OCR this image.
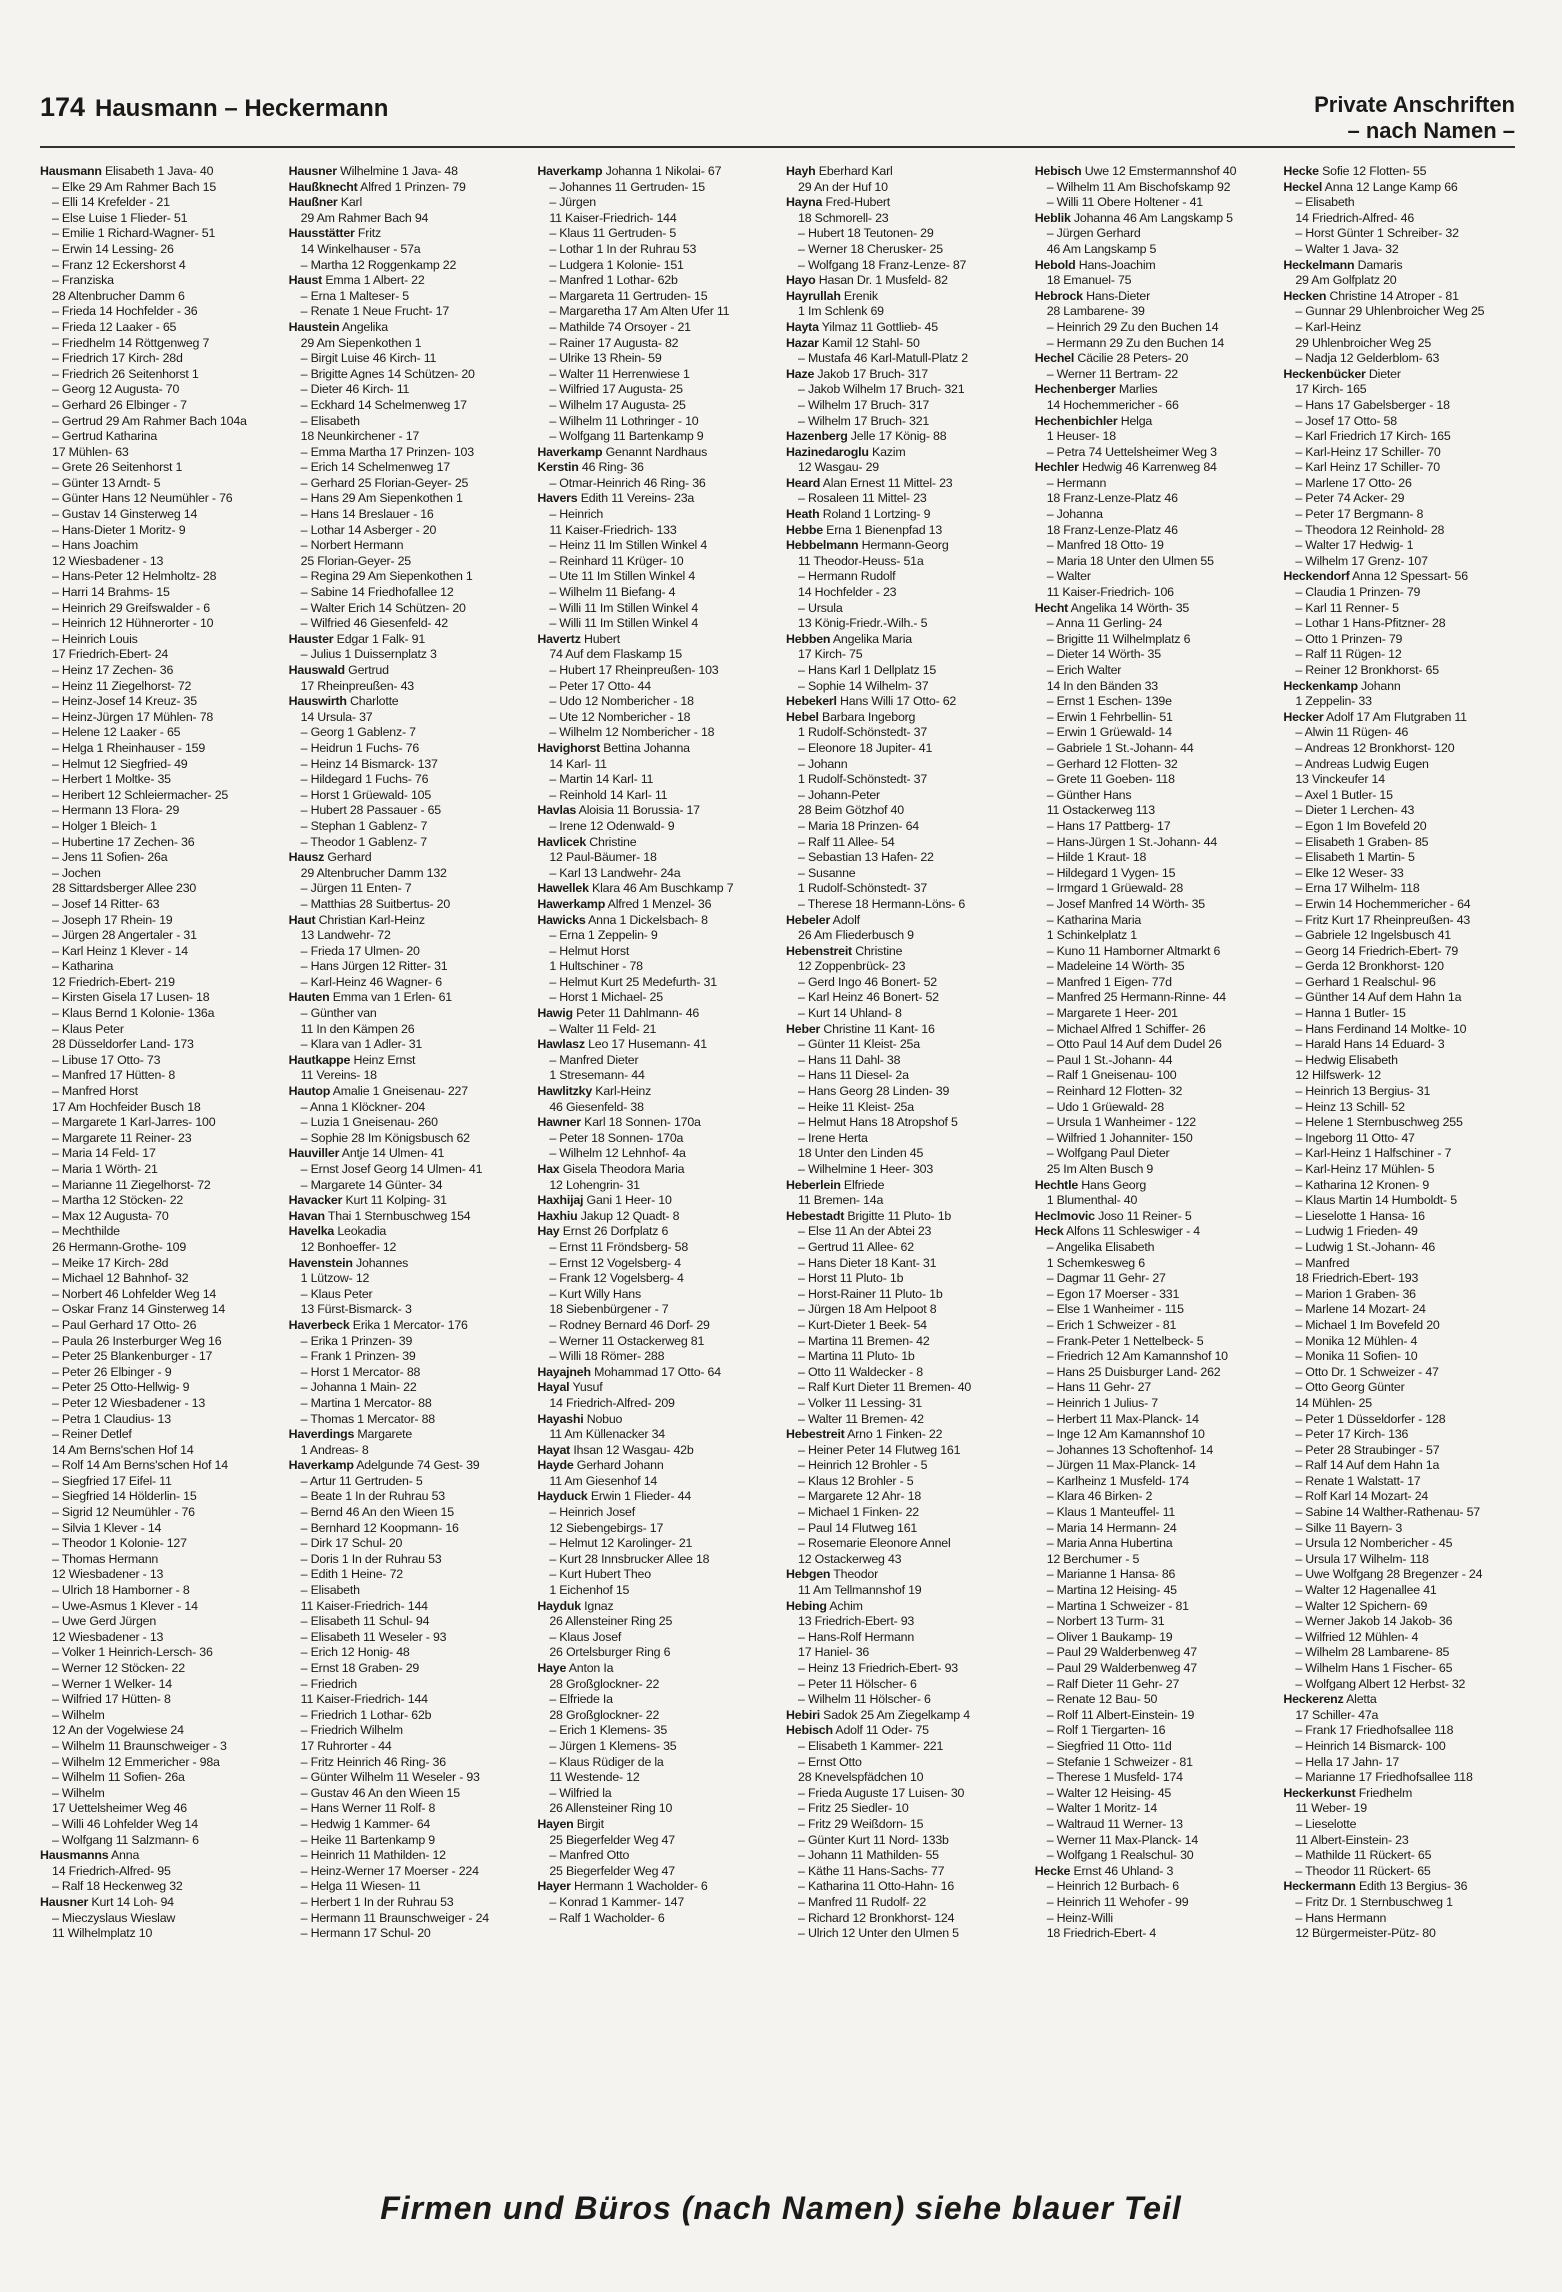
174 Hausmann – Heckermann	Private Anschriften
– nach Namen –
Hausmann Elisabeth 1 Java- 40
– Elke 29 Am Rahmer Bach 15
– Elli 14 Krefelder - 21
– Else Luise 1 Flieder- 51
– Emilie 1 Richard-Wagner- 51
– Erwin 14 Lessing- 26
– Franz 12 Eckershorst 4
– Franziska
28 Altenbrucher Damm 6
– Frieda 14 Hochfelder - 36
– Frieda 12 Laaker - 65
– Friedhelm 14 Röttgenweg 7
– Friedrich 17 Kirch- 28d
– Friedrich 26 Seitenhorst 1
– Georg 12 Augusta- 70
– Gerhard 26 Elbinger - 7
– Gertrud 29 Am Rahmer Bach 104a
– Gertrud Katharina
17 Mühlen- 63
– Grete 26 Seitenhorst 1
– Günter 13 Arndt- 5
– Günter Hans 12 Neumühler - 76
– Gustav 14 Ginsterweg 14
– Hans-Dieter 1 Moritz- 9
– Hans Joachim
12 Wiesbadener - 13
– Hans-Peter 12 Helmholtz- 28
– Harri 14 Brahms- 15
– Heinrich 29 Greifswalder - 6
– Heinrich 12 Hühnerorter - 10
– Heinrich Louis
17 Friedrich-Ebert- 24
– Heinz 17 Zechen- 36
– Heinz 11 Ziegelhorst- 72
– Heinz-Josef 14 Kreuz- 35
– Heinz-Jürgen 17 Mühlen- 78
– Helene 12 Laaker - 65
– Helga 1 Rheinhauser - 159
– Helmut 12 Siegfried- 49
– Herbert 1 Moltke- 35
– Heribert 12 Schleiermacher- 25
– Hermann 13 Flora- 29
– Holger 1 Bleich- 1
– Hubertine 17 Zechen- 36
– Jens 11 Sofien- 26a
– Jochen
28 Sittardsberger Allee 230
– Josef 14 Ritter- 63
– Joseph 17 Rhein- 19
– Jürgen 28 Angertaler - 31
– Karl Heinz 1 Klever - 14
– Katharina
12 Friedrich-Ebert- 219
– Kirsten Gisela 17 Lusen- 18
– Klaus Bernd 1 Kolonie- 136a
– Klaus Peter
28 Düsseldorfer Land- 173
– Libuse 17 Otto- 73
– Manfred 17 Hütten- 8
– Manfred Horst
17 Am Hochfeider Busch 18
– Margarete 1 Karl-Jarres- 100
– Margarete 11 Reiner- 23
– Maria 14 Feld- 17
– Maria 1 Wörth- 21
– Marianne 11 Ziegelhorst- 72
– Martha 12 Stöcken- 22
– Max 12 Augusta- 70
– Mechthilde
26 Hermann-Grothe- 109
– Meike 17 Kirch- 28d
– Michael 12 Bahnhof- 32
– Norbert 46 Lohfelder Weg 14
– Oskar Franz 14 Ginsterweg 14
– Paul Gerhard 17 Otto- 26
– Paula 26 Insterburger Weg 16
– Peter 25 Blankenburger - 17
– Peter 26 Elbinger - 9
– Peter 25 Otto-Hellwig- 9
– Peter 12 Wiesbadener - 13
– Petra 1 Claudius- 13
– Reiner Detlef
14 Am Berns'schen Hof 14
– Rolf 14 Am Berns'schen Hof 14
– Siegfried 17 Eifel- 11
– Siegfried 14 Hölderlin- 15
– Sigrid 12 Neumühler - 76
– Silvia 1 Klever - 14
– Theodor 1 Kolonie- 127
– Thomas Hermann
12 Wiesbadener - 13
– Ulrich 18 Hamborner - 8
– Uwe-Asmus 1 Klever - 14
– Uwe Gerd Jürgen
12 Wiesbadener - 13
– Volker 1 Heinrich-Lersch- 36
– Werner 12 Stöcken- 22
– Werner 1 Welker- 14
– Wilfried 17 Hütten- 8
– Wilhelm
12 An der Vogelwiese 24
– Wilhelm 11 Braunschweiger - 3
– Wilhelm 12 Emmericher - 98a
– Wilhelm 11 Sofien- 26a
– Wilhelm
17 Uettelsheimer Weg 46
– Willi 46 Lohfelder Weg 14
– Wolfgang 11 Salzmann- 6
Hausmanns Anna
14 Friedrich-Alfred- 95
– Ralf 18 Heckenweg 32
Hausner Kurt 14 Loh- 94
– Mieczyslaus Wieslaw
11 Wilhelmplatz 10
Hausner Wilhelmine 1 Java- 48
Haußknecht Alfred 1 Prinzen- 79
Haußner Karl
29 Am Rahmer Bach 94
Hausstätter Fritz
14 Winkelhauser - 57a
– Martha 12 Roggenkamp 22
Haust Emma 1 Albert- 22
– Erna 1 Malteser- 5
– Renate 1 Neue Frucht- 17
Haustein Angelika
29 Am Siepenkothen 1
– Birgit Luise 46 Kirch- 11
– Brigitte Agnes 14 Schützen- 20
– Dieter 46 Kirch- 11
– Eckhard 14 Schelmenweg 17
– Elisabeth
18 Neunkirchener - 17
– Emma Martha 17 Prinzen- 103
– Erich 14 Schelmenweg 17
– Gerhard 25 Florian-Geyer- 25
– Hans 29 Am Siepenkothen 1
– Hans 14 Breslauer - 16
– Lothar 14 Asberger - 20
– Norbert Hermann
25 Florian-Geyer- 25
– Regina 29 Am Siepenkothen 1
– Sabine 14 Friedhofallee 12
– Walter Erich 14 Schützen- 20
– Wilfried 46 Giesenfeld- 42
Hauster Edgar 1 Falk- 91
– Julius 1 Duissernplatz 3
Hauswald Gertrud
17 Rheinpreußen- 43
Hauswirth Charlotte
14 Ursula- 37
– Georg 1 Gablenz- 7
– Heidrun 1 Fuchs- 76
– Heinz 14 Bismarck- 137
– Hildegard 1 Fuchs- 76
– Horst 1 Grüewald- 105
– Hubert 28 Passauer - 65
– Stephan 1 Gablenz- 7
– Theodor 1 Gablenz- 7
Hausz Gerhard
29 Altenbrucher Damm 132
– Jürgen 11 Enten- 7
– Matthias 28 Suitbertus- 20
Haut Christian Karl-Heinz
13 Landwehr- 72
– Frieda 17 Ulmen- 20
– Hans Jürgen 12 Ritter- 31
– Karl-Heinz 46 Wagner- 6
Hauten Emma van 1 Erlen- 61
– Günther van
11 In den Kämpen 26
– Klara van 1 Adler- 31
Hautkappe Heinz Ernst
11 Vereins- 18
Hautop Amalie 1 Gneisenau- 227
– Anna 1 Klöckner- 204
– Luzia 1 Gneisenau- 260
– Sophie 28 Im Königsbusch 62
Hauviller Antje 14 Ulmen- 41
– Ernst Josef Georg 14 Ulmen- 41
– Margarete 14 Günter- 34
Havacker Kurt 11 Kolping- 31
Havan Thai 1 Sternbuschweg 154
Havelka Leokadia
12 Bonhoeffer- 12
Havenstein Johannes
1 Lützow- 12
– Klaus Peter
13 Fürst-Bismarck- 3
Haverbeck Erika 1 Mercator- 176
– Erika 1 Prinzen- 39
– Frank 1 Prinzen- 39
– Horst 1 Mercator- 88
– Johanna 1 Main- 22
– Martina 1 Mercator- 88
– Thomas 1 Mercator- 88
Haverdings Margarete
1 Andreas- 8
Haverkamp Adelgunde 74 Gest- 39
– Artur 11 Gertruden- 5
– Beate 1 In der Ruhrau 53
– Bernd 46 An den Wieen 15
– Bernhard 12 Koopmann- 16
– Dirk 17 Schul- 20
– Doris 1 In der Ruhrau 53
– Edith 1 Heine- 72
– Elisabeth
11 Kaiser-Friedrich- 144
– Elisabeth 11 Schul- 94
– Elisabeth 11 Weseler - 93
– Erich 12 Honig- 48
– Ernst 18 Graben- 29
– Friedrich
11 Kaiser-Friedrich- 144
– Friedrich 1 Lothar- 62b
– Friedrich Wilhelm
17 Ruhrorter - 44
– Fritz Heinrich 46 Ring- 36
– Günter Wilhelm 11 Weseler - 93
– Gustav 46 An den Wieen 15
– Hans Werner 11 Rolf- 8
– Hedwig 1 Kammer- 64
– Heike 11 Bartenkamp 9
– Heinrich 11 Mathilden- 12
– Heinz-Werner 17 Moerser - 224
– Helga 11 Wiesen- 11
– Herbert 1 In der Ruhrau 53
– Hermann 11 Braunschweiger - 24
– Hermann 17 Schul- 20
Haverkamp Johanna 1 Nikolai- 67
– Johannes 11 Gertruden- 15
– Jürgen
11 Kaiser-Friedrich- 144
– Klaus 11 Gertruden- 5
– Lothar 1 In der Ruhrau 53
– Ludgera 1 Kolonie- 151
– Manfred 1 Lothar- 62b
– Margareta 11 Gertruden- 15
– Margaretha 17 Am Alten Ufer 11
– Mathilde 74 Orsoyer - 21
– Rainer 17 Augusta- 82
– Ulrike 13 Rhein- 59
– Walter 11 Herrenwiese 1
– Wilfried 17 Augusta- 25
– Wilhelm 17 Augusta- 25
– Wilhelm 11 Lothringer - 10
– Wolfgang 11 Bartenkamp 9
Haverkamp Genannt Nardhaus
Kerstin 46 Ring- 36
– Otmar-Heinrich 46 Ring- 36
Havers Edith 11 Vereins- 23a
– Heinrich
11 Kaiser-Friedrich- 133
– Heinz 11 Im Stillen Winkel 4
– Reinhard 11 Krüger- 10
– Ute 11 Im Stillen Winkel 4
– Wilhelm 11 Biefang- 4
– Willi 11 Im Stillen Winkel 4
– Willi 11 Im Stillen Winkel 4
Havertz Hubert
74 Auf dem Flaskamp 15
– Hubert 17 Rheinpreußen- 103
– Peter 17 Otto- 44
– Udo 12 Nombericher - 18
– Ute 12 Nombericher - 18
– Wilhelm 12 Nombericher - 18
Havighorst Bettina Johanna
14 Karl- 11
– Martin 14 Karl- 11
– Reinhold 14 Karl- 11
Havlas Aloisia 11 Borussia- 17
– Irene 12 Odenwald- 9
Havlicek Christine
12 Paul-Bäumer- 18
– Karl 13 Landwehr- 24a
Hawellek Klara 46 Am Buschkamp 7
Hawerkamp Alfred 1 Menzel- 36
Hawicks Anna 1 Dickelsbach- 8
– Erna 1 Zeppelin- 9
– Helmut Horst
1 Hultschiner - 78
– Helmut Kurt 25 Medefurth- 31
– Horst 1 Michael- 25
Hawig Peter 11 Dahlmann- 46
– Walter 11 Feld- 21
Hawlasz Leo 17 Husemann- 41
– Manfred Dieter
1 Stresemann- 44
Hawlitzky Karl-Heinz
46 Giesenfeld- 38
Hawner Karl 18 Sonnen- 170a
– Peter 18 Sonnen- 170a
– Wilhelm 12 Lehnhof- 4a
Hax Gisela Theodora Maria
12 Lohengrin- 31
Haxhijaj Gani 1 Heer- 10
Haxhiu Jakup 12 Quadt- 8
Hay Ernst 26 Dorfplatz 6
– Ernst 11 Fröndsberg- 58
– Ernst 12 Vogelsberg- 4
– Frank 12 Vogelsberg- 4
– Kurt Willy Hans
18 Siebenbürgener - 7
– Rodney Bernard 46 Dorf- 29
– Werner 11 Ostackerweg 81
– Willi 18 Römer- 288
Hayajneh Mohammad 17 Otto- 64
Hayal Yusuf
14 Friedrich-Alfred- 209
Hayashi Nobuo
11 Am Küllenacker 34
Hayat Ihsan 12 Wasgau- 42b
Hayde Gerhard Johann
11 Am Giesenhof 14
Hayduck Erwin 1 Flieder- 44
– Heinrich Josef
12 Siebengebirgs- 17
– Helmut 12 Karolinger- 21
– Kurt 28 Innsbrucker Allee 18
– Kurt Hubert Theo
1 Eichenhof 15
Hayduk Ignaz
26 Allensteiner Ring 25
– Klaus Josef
26 Ortelsburger Ring 6
Haye Anton Ia
28 Großglockner- 22
– Elfriede Ia
28 Großglockner- 22
– Erich 1 Klemens- 35
– Jürgen 1 Klemens- 35
– Klaus Rüdiger de la
11 Westende- 12
– Wilfried la
26 Allensteiner Ring 10
Hayen Birgit
25 Biegerfelder Weg 47
– Manfred Otto
25 Biegerfelder Weg 47
Hayer Hermann 1 Wacholder- 6
– Konrad 1 Kammer- 147
– Ralf 1 Wacholder- 6
Hayh Eberhard Karl
29 An der Huf 10
Hayna Fred-Hubert
18 Schmorell- 23
– Hubert 18 Teutonen- 29
– Werner 18 Cherusker- 25
– Wolfgang 18 Franz-Lenze- 87
Hayo Hasan Dr. 1 Musfeld- 82
Hayrullah Erenik
1 Im Schlenk 69
Hayta Yilmaz 11 Gottlieb- 45
Hazar Kamil 12 Stahl- 50
– Mustafa 46 Karl-Matull-Platz 2
Haze Jakob 17 Bruch- 317
– Jakob Wilhelm 17 Bruch- 321
– Wilhelm 17 Bruch- 317
– Wilhelm 17 Bruch- 321
Hazenberg Jelle 17 König- 88
Hazinedaroglu Kazim
12 Wasgau- 29
Heard Alan Ernest 11 Mittel- 23
– Rosaleen 11 Mittel- 23
Heath Roland 1 Lortzing- 9
Hebbe Erna 1 Bienenpfad 13
Hebbelmann Hermann-Georg
11 Theodor-Heuss- 51a
– Hermann Rudolf
14 Hochfelder - 23
– Ursula
13 König-Friedr.-Wilh.- 5
Hebben Angelika Maria
17 Kirch- 75
– Hans Karl 1 Dellplatz 15
– Sophie 14 Wilhelm- 37
Hebekerl Hans Willi 17 Otto- 62
Hebel Barbara Ingeborg
1 Rudolf-Schönstedt- 37
– Eleonore 18 Jupiter- 41
– Johann
1 Rudolf-Schönstedt- 37
– Johann-Peter
28 Beim Götzhof 40
– Maria 18 Prinzen- 64
– Ralf 11 Allee- 54
– Sebastian 13 Hafen- 22
– Susanne
1 Rudolf-Schönstedt- 37
– Therese 18 Hermann-Löns- 6
Hebeler Adolf
26 Am Fliederbusch 9
Hebenstreit Christine
12 Zoppenbrück- 23
– Gerd Ingo 46 Bonert- 52
– Karl Heinz 46 Bonert- 52
– Kurt 14 Uhland- 8
Heber Christine 11 Kant- 16
– Günter 11 Kleist- 25a
– Hans 11 Dahl- 38
– Hans 11 Diesel- 2a
– Hans Georg 28 Linden- 39
– Heike 11 Kleist- 25a
– Helmut Hans 18 Atropshof 5
– Irene Herta
18 Unter den Linden 45
– Wilhelmine 1 Heer- 303
Heberlein Elfriede
11 Bremen- 14a
Hebestadt Brigitte 11 Pluto- 1b
– Else 11 An der Abtei 23
– Gertrud 11 Allee- 62
– Hans Dieter 18 Kant- 31
– Horst 11 Pluto- 1b
– Horst-Rainer 11 Pluto- 1b
– Jürgen 18 Am Helpoot 8
– Kurt-Dieter 1 Beek- 54
– Martina 11 Bremen- 42
– Martina 11 Pluto- 1b
– Otto 11 Waldecker - 8
– Ralf Kurt Dieter 11 Bremen- 40
– Volker 11 Lessing- 31
– Walter 11 Bremen- 42
Hebestreit Arno 1 Finken- 22
– Heiner Peter 14 Flutweg 161
– Heinrich 12 Brohler - 5
– Klaus 12 Brohler - 5
– Margarete 12 Ahr- 18
– Michael 1 Finken- 22
– Paul 14 Flutweg 161
– Rosemarie Eleonore Annel
12 Ostackerweg 43
Hebgen Theodor
11 Am Tellmannshof 19
Hebing Achim
13 Friedrich-Ebert- 93
– Hans-Rolf Hermann
17 Haniel- 36
– Heinz 13 Friedrich-Ebert- 93
– Peter 11 Hölscher- 6
– Wilhelm 11 Hölscher- 6
Hebiri Sadok 25 Am Ziegelkamp 4
Hebisch Adolf 11 Oder- 75
– Elisabeth 1 Kammer- 221
– Ernst Otto
28 Knevelspfädchen 10
– Frieda Auguste 17 Luisen- 30
– Fritz 25 Siedler- 10
– Fritz 29 Weißdorn- 15
– Günter Kurt 11 Nord- 133b
– Johann 11 Mathilden- 55
– Käthe 11 Hans-Sachs- 77
– Katharina 11 Otto-Hahn- 16
– Manfred 11 Rudolf- 22
– Richard 12 Bronkhorst- 124
– Ulrich 12 Unter den Ulmen 5
Hebisch Uwe 12 Emstermannshof 40
– Wilhelm 11 Am Bischofskamp 92
– Willi 11 Obere Holtener - 41
Heblik Johanna 46 Am Langskamp 5
– Jürgen Gerhard
46 Am Langskamp 5
Hebold Hans-Joachim
18 Emanuel- 75
Hebrock Hans-Dieter
28 Lambarene- 39
– Heinrich 29 Zu den Buchen 14
– Hermann 29 Zu den Buchen 14
Hechel Cäcilie 28 Peters- 20
– Werner 11 Bertram- 22
Hechenberger Marlies
14 Hochemmericher - 66
Hechenbichler Helga
1 Heuser- 18
– Petra 74 Uettelsheimer Weg 3
Hechler Hedwig 46 Karrenweg 84
– Hermann
18 Franz-Lenze-Platz 46
– Johanna
18 Franz-Lenze-Platz 46
– Manfred 18 Otto- 19
– Maria 18 Unter den Ulmen 55
– Walter
11 Kaiser-Friedrich- 106
Hecht Angelika 14 Wörth- 35
– Anna 11 Gerling- 24
– Brigitte 11 Wilhelmplatz 6
– Dieter 14 Wörth- 35
– Erich Walter
14 In den Bänden 33
– Ernst 1 Eschen- 139e
– Erwin 1 Fehrbellin- 51
– Erwin 1 Grüewald- 14
– Gabriele 1 St.-Johann- 44
– Gerhard 12 Flotten- 32
– Grete 11 Goeben- 118
– Günther Hans
11 Ostackerweg 113
– Hans 17 Pattberg- 17
– Hans-Jürgen 1 St.-Johann- 44
– Hilde 1 Kraut- 18
– Hildegard 1 Vygen- 15
– Irmgard 1 Grüewald- 28
– Josef Manfred 14 Wörth- 35
– Katharina Maria
1 Schinkelplatz 1
– Kuno 11 Hamborner Altmarkt 6
– Madeleine 14 Wörth- 35
– Manfred 1 Eigen- 77d
– Manfred 25 Hermann-Rinne- 44
– Margarete 1 Heer- 201
– Michael Alfred 1 Schiffer- 26
– Otto Paul 14 Auf dem Dudel 26
– Paul 1 St.-Johann- 44
– Ralf 1 Gneisenau- 100
– Reinhard 12 Flotten- 32
– Udo 1 Grüewald- 28
– Ursula 1 Wanheimer - 122
– Wilfried 1 Johanniter- 150
– Wolfgang Paul Dieter
25 Im Alten Busch 9
Hechtle Hans Georg
1 Blumenthal- 40
Heclmovic Joso 11 Reiner- 5
Heck Alfons 11 Schleswiger - 4
– Angelika Elisabeth
1 Schemkesweg 6
– Dagmar 11 Gehr- 27
– Egon 17 Moerser - 331
– Else 1 Wanheimer - 115
– Erich 1 Schweizer - 81
– Frank-Peter 1 Nettelbeck- 5
– Friedrich 12 Am Kamannshof 10
– Hans 25 Duisburger Land- 262
– Hans 11 Gehr- 27
– Heinrich 1 Julius- 7
– Herbert 11 Max-Planck- 14
– Inge 12 Am Kamannshof 10
– Johannes 13 Schoftenhof- 14
– Jürgen 11 Max-Planck- 14
– Karlheinz 1 Musfeld- 174
– Klara 46 Birken- 2
– Klaus 1 Manteuffel- 11
– Maria 14 Hermann- 24
– Maria Anna Hubertina
12 Berchumer - 5
– Marianne 1 Hansa- 86
– Martina 12 Heising- 45
– Martina 1 Schweizer - 81
– Norbert 13 Turm- 31
– Oliver 1 Baukamp- 19
– Paul 29 Walderbenweg 47
– Paul 29 Walderbenweg 47
– Ralf Dieter 11 Gehr- 27
– Renate 12 Bau- 50
– Rolf 11 Albert-Einstein- 19
– Rolf 1 Tiergarten- 16
– Siegfried 11 Otto- 11d
– Stefanie 1 Schweizer - 81
– Therese 1 Musfeld- 174
– Walter 12 Heising- 45
– Walter 1 Moritz- 14
– Waltraud 11 Werner- 13
– Werner 11 Max-Planck- 14
– Wolfgang 1 Realschul- 30
Hecke Ernst 46 Uhland- 3
– Heinrich 12 Burbach- 6
– Heinrich 11 Wehofer - 99
– Heinz-Willi
18 Friedrich-Ebert- 4
Hecke Sofie 12 Flotten- 55
Heckel Anna 12 Lange Kamp 66
– Elisabeth
14 Friedrich-Alfred- 46
– Horst Günter 1 Schreiber- 32
– Walter 1 Java- 32
Heckelmann Damaris
29 Am Golfplatz 20
Hecken Christine 14 Atroper - 81
– Gunnar 29 Uhlenbroicher Weg 25
– Karl-Heinz
29 Uhlenbroicher Weg 25
– Nadja 12 Gelderblom- 63
Heckenbücker Dieter
17 Kirch- 165
– Hans 17 Gabelsberger - 18
– Josef 17 Otto- 58
– Karl Friedrich 17 Kirch- 165
– Karl-Heinz 17 Schiller- 70
– Karl Heinz 17 Schiller- 70
– Marlene 17 Otto- 26
– Peter 74 Acker- 29
– Peter 17 Bergmann- 8
– Theodora 12 Reinhold- 28
– Walter 17 Hedwig- 1
– Wilhelm 17 Grenz- 107
Heckendorf Anna 12 Spessart- 56
– Claudia 1 Prinzen- 79
– Karl 11 Renner- 5
– Lothar 1 Hans-Pfitzner- 28
– Otto 1 Prinzen- 79
– Ralf 11 Rügen- 12
– Reiner 12 Bronkhorst- 65
Heckenkamp Johann
1 Zeppelin- 33
Hecker Adolf 17 Am Flutgraben 11
– Alwin 11 Rügen- 46
– Andreas 12 Bronkhorst- 120
– Andreas Ludwig Eugen
13 Vinckeufer 14
– Axel 1 Butler- 15
– Dieter 1 Lerchen- 43
– Egon 1 Im Bovefeld 20
– Elisabeth 1 Graben- 85
– Elisabeth 1 Martin- 5
– Elke 12 Weser- 33
– Erna 17 Wilhelm- 118
– Erwin 14 Hochemmericher - 64
– Fritz Kurt 17 Rheinpreußen- 43
– Gabriele 12 Ingelsbusch 41
– Georg 14 Friedrich-Ebert- 79
– Gerda 12 Bronkhorst- 120
– Gerhard 1 Realschul- 96
– Günther 14 Auf dem Hahn 1a
– Hanna 1 Butler- 15
– Hans Ferdinand 14 Moltke- 10
– Harald Hans 14 Eduard- 3
– Hedwig Elisabeth
12 Hilfswerk- 12
– Heinrich 13 Bergius- 31
– Heinz 13 Schill- 52
– Helene 1 Sternbuschweg 255
– Ingeborg 11 Otto- 47
– Karl-Heinz 1 Halfschiner - 7
– Karl-Heinz 17 Mühlen- 5
– Katharina 12 Kronen- 9
– Klaus Martin 14 Humboldt- 5
– Lieselotte 1 Hansa- 16
– Ludwig 1 Frieden- 49
– Ludwig 1 St.-Johann- 46
– Manfred
18 Friedrich-Ebert- 193
– Marion 1 Graben- 36
– Marlene 14 Mozart- 24
– Michael 1 Im Bovefeld 20
– Monika 12 Mühlen- 4
– Monika 11 Sofien- 10
– Otto Dr. 1 Schweizer - 47
– Otto Georg Günter
14 Mühlen- 25
– Peter 1 Düsseldorfer - 128
– Peter 17 Kirch- 136
– Peter 28 Straubinger - 57
– Ralf 14 Auf dem Hahn 1a
– Renate 1 Walstatt- 17
– Rolf Karl 14 Mozart- 24
– Sabine 14 Walther-Rathenau- 57
– Silke 11 Bayern- 3
– Ursula 12 Nombericher - 45
– Ursula 17 Wilhelm- 118
– Uwe Wolfgang 28 Bregenzer - 24
– Walter 12 Hagenallee 41
– Walter 12 Spichern- 69
– Werner Jakob 14 Jakob- 36
– Wilfried 12 Mühlen- 4
– Wilhelm 28 Lambarene- 85
– Wilhelm Hans 1 Fischer- 65
– Wolfgang Albert 12 Herbst- 32
Heckerenz Aletta
17 Schiller- 47a
– Frank 17 Friedhofsallee 118
– Heinrich 14 Bismarck- 100
– Hella 17 Jahn- 17
– Marianne 17 Friedhofsallee 118
Heckerkunst Friedhelm
11 Weber- 19
– Lieselotte
11 Albert-Einstein- 23
– Mathilde 11 Rückert- 65
– Theodor 11 Rückert- 65
Heckermann Edith 13 Bergius- 36
– Fritz Dr. 1 Sternbuschweg 1
– Hans Hermann
12 Bürgermeister-Pütz- 80
Firmen und Büros (nach Namen) siehe blauer Teil
